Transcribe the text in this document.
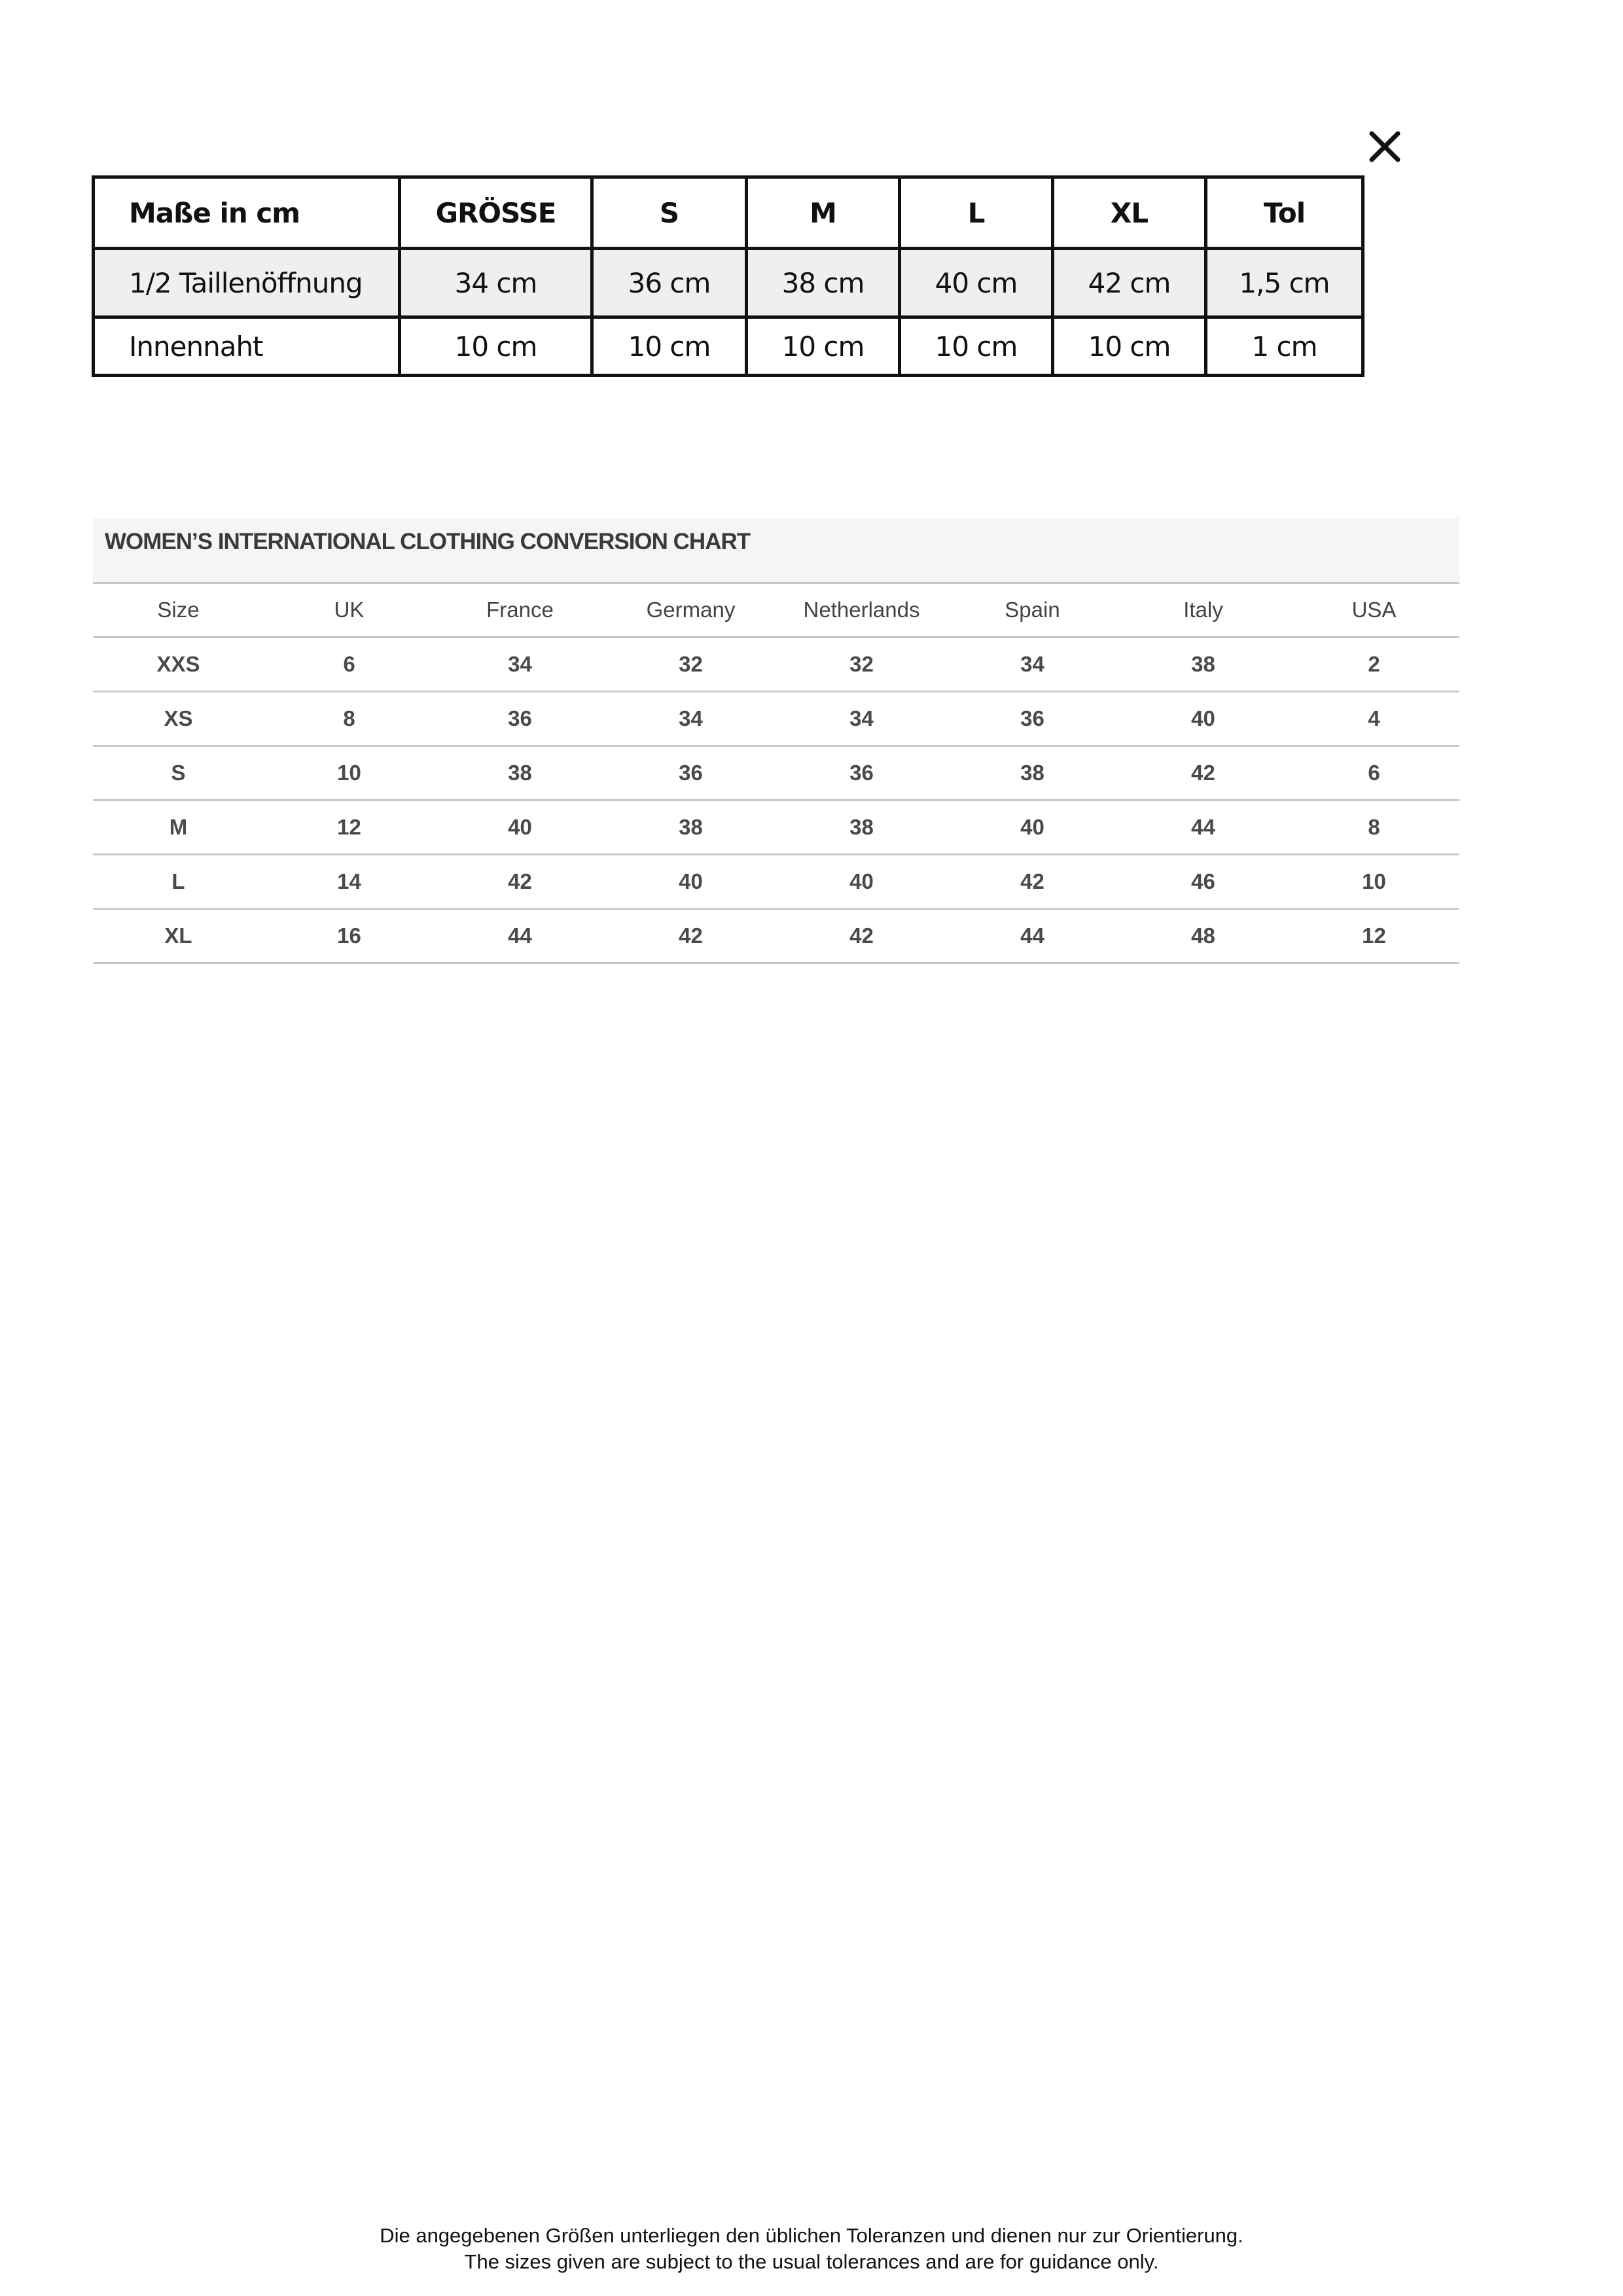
Maße in cm	GRÖSSE	S	M	L	XL	Tol
1/2 Taillenöffnung	34 cm	36 cm	38 cm	40 cm	42 cm	1,5 cm
Innennaht	10 cm	10 cm	10 cm	10 cm	10 cm	1 cm
WOMEN’S INTERNATIONAL CLOTHING CONVERSION CHART
Size	UK	France	Germany	Netherlands	Spain	Italy	USA
XXS	6	34	32	32	34	38	2
XS	8	36	34	34	36	40	4
S	10	38	36	36	38	42	6
M	12	40	38	38	40	44	8
L	14	42	40	40	42	46	10
XL	16	44	42	42	44	48	12
Die angegebenen Größen unterliegen den üblichen Toleranzen und dienen nur zur Orientierung.
The sizes given are subject to the usual tolerances and are for guidance only.
